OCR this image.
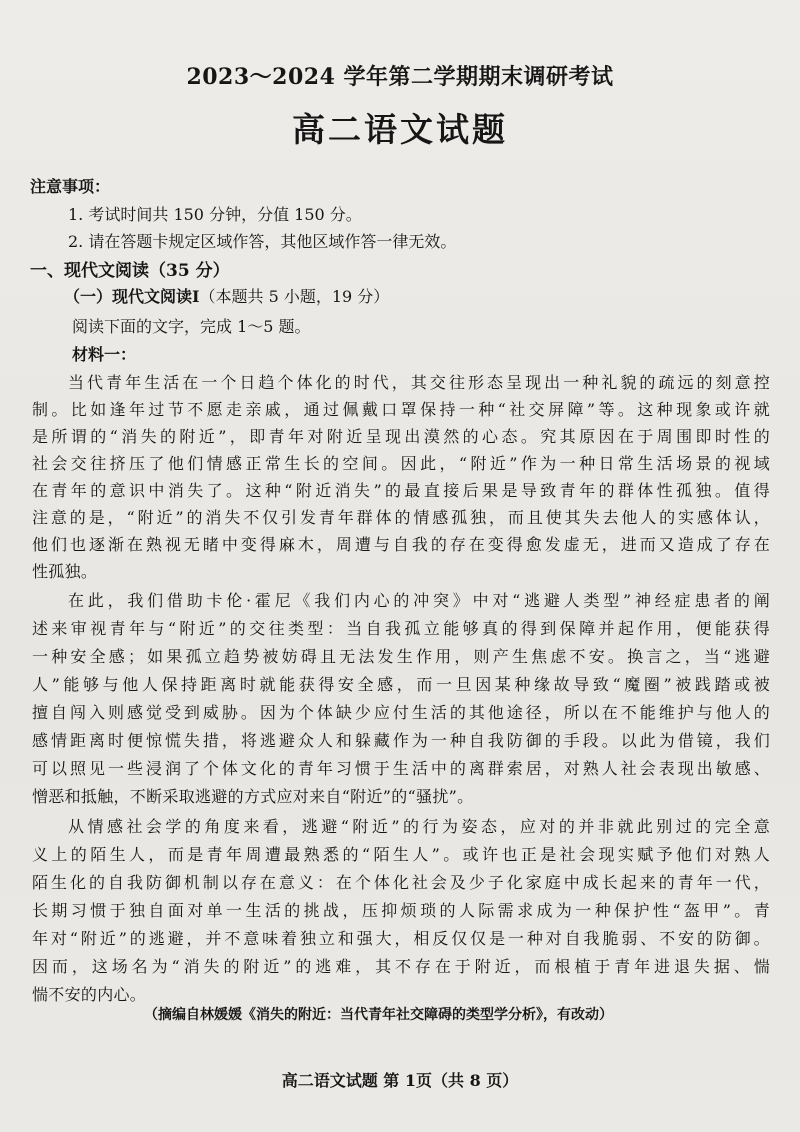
2023～2024 学年第二学期期末调研考试
高二语文试题
注意事项：
1. 考试时间共 150 分钟，分值 150 分。
2. 请在答题卡规定区域作答，其他区域作答一律无效。
一、现代文阅读（35 分）
（一）现代文阅读Ⅰ（本题共 5 小题，19 分）
阅读下面的文字，完成 1～5 题。
材料一：
当代青年生活在一个日趋个体化的时代，其交往形态呈现出一种礼貌的疏远的刻意控
制。比如逢年过节不愿走亲戚，通过佩戴口罩保持一种“社交屏障”等。这种现象或许就
是所谓的“消失的附近”，即青年对附近呈现出漠然的心态。究其原因在于周围即时性的
社会交往挤压了他们情感正常生长的空间。因此，“附近”作为一种日常生活场景的视域
在青年的意识中消失了。这种“附近消失”的最直接后果是导致青年的群体性孤独。值得
注意的是，“附近”的消失不仅引发青年群体的情感孤独，而且使其失去他人的实感体认，
他们也逐渐在熟视无睹中变得麻木，周遭与自我的存在变得愈发虚无，进而又造成了存在
性孤独。
在此，我们借助卡伦·霍尼《我们内心的冲突》中对“逃避人类型”神经症患者的阐
述来审视青年与“附近”的交往类型：当自我孤立能够真的得到保障并起作用，便能获得
一种安全感；如果孤立趋势被妨碍且无法发生作用，则产生焦虑不安。换言之，当“逃避
人”能够与他人保持距离时就能获得安全感，而一旦因某种缘故导致“魔圈”被践踏或被
擅自闯入则感觉受到威胁。因为个体缺少应付生活的其他途径，所以在不能维护与他人的
感情距离时便惊慌失措，将逃避众人和躲藏作为一种自我防御的手段。以此为借镜，我们
可以照见一些浸润了个体文化的青年习惯于生活中的离群索居，对熟人社会表现出敏感、
憎恶和抵触，不断采取逃避的方式应对来自“附近”的“骚扰”。
从情感社会学的角度来看，逃避“附近”的行为姿态，应对的并非就此别过的完全意
义上的陌生人，而是青年周遭最熟悉的“陌生人”。或许也正是社会现实赋予他们对熟人
陌生化的自我防御机制以存在意义：在个体化社会及少子化家庭中成长起来的青年一代，
长期习惯于独自面对单一生活的挑战，压抑烦琐的人际需求成为一种保护性“盔甲”。青
年对“附近”的逃避，并不意味着独立和强大，相反仅仅是一种对自我脆弱、不安的防御。
因而，这场名为“消失的附近”的逃难，其不存在于附近，而根植于青年进退失据、惴
惴不安的内心。
（摘编自林媛媛《消失的附近：当代青年社交障碍的类型学分析》，有改动）
高二语文试题 第 1页（共 8 页）
